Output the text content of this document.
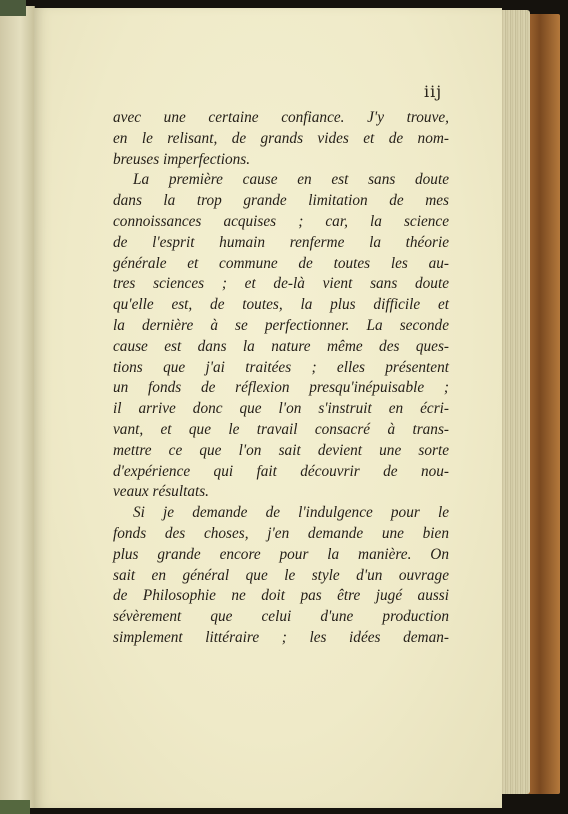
iij
avec une certaine confiance. J'y trouve,
en le relisant, de grands vides et de nom-
breuses imperfections.
La première cause en est sans doute
dans la trop grande limitation de mes
connoissances acquises ; car, la science
de l'esprit humain renferme la théorie
générale et commune de toutes les au-
tres sciences ; et de-là vient sans doute
qu'elle est, de toutes, la plus difficile et
la dernière à se perfectionner. La seconde
cause est dans la nature même des ques-
tions que j'ai traitées ; elles présentent
un fonds de réflexion presqu'inépuisable ;
il arrive donc que l'on s'instruit en écri-
vant, et que le travail consacré à trans-
mettre ce que l'on sait devient une sorte
d'expérience qui fait découvrir de nou-
veaux résultats.
Si je demande de l'indulgence pour le
fonds des choses, j'en demande une bien
plus grande encore pour la manière. On
sait en général que le style d'un ouvrage
de Philosophie ne doit pas être jugé aussi
sévèrement que celui d'une production
simplement littéraire ; les idées deman-
